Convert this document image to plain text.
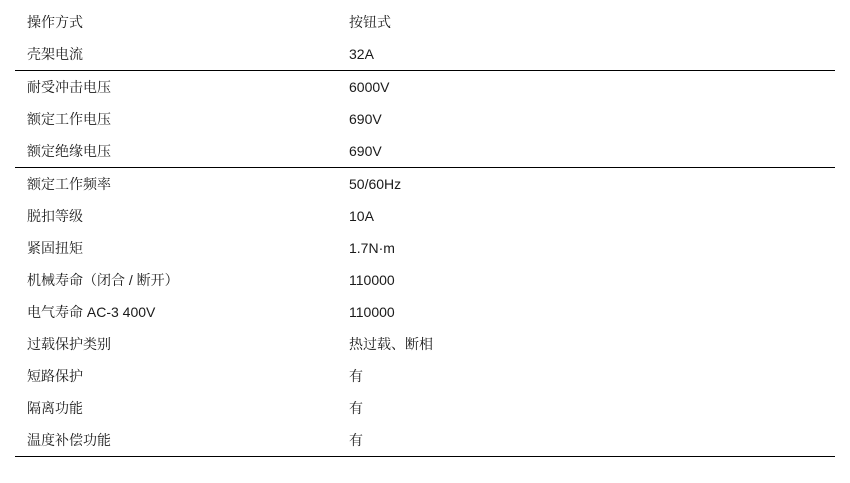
操作方式	按钮式
壳架电流	32A
耐受冲击电压	6000V
额定工作电压	690V
额定绝缘电压	690V
额定工作频率	50/60Hz
脱扣等级	10A
紧固扭矩	1.7N·m
机械寿命（闭合 / 断开）	110000
电气寿命 AC-3 400V	110000
过载保护类别	热过载、断相
短路保护	有
隔离功能	有
温度补偿功能	有
